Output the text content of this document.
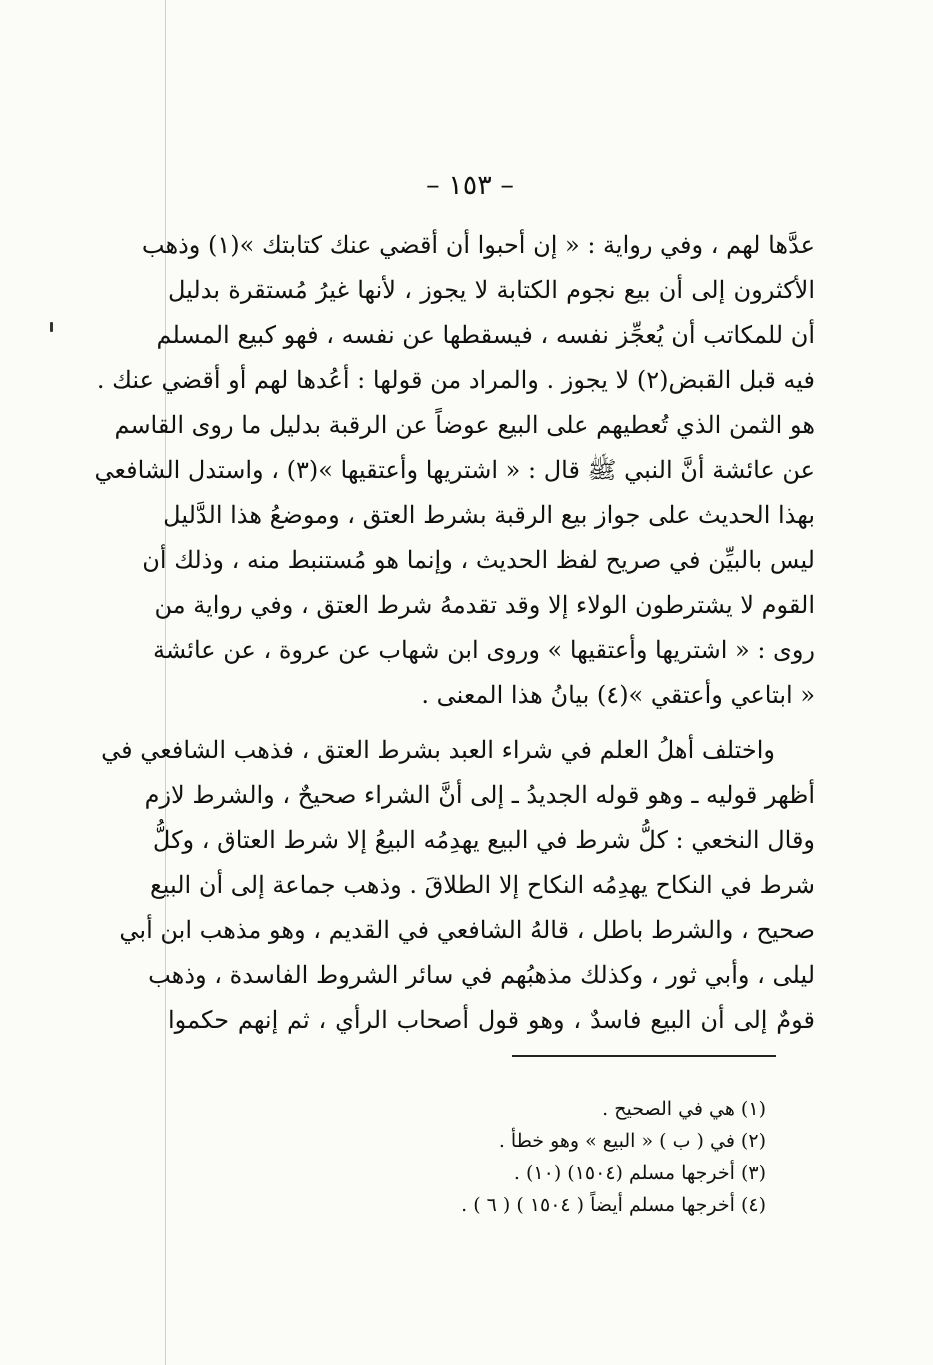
– ١٥٣ –
عدَّها لهم ، وفي رواية : « إن أحبوا أن أقضي عنك كتابتك »(١) وذهب
الأكثرون إلى أن بيع نجوم الكتابة لا يجوز ، لأنها غيرُ مُستقرة بدليل
أن للمكاتب أن يُعجِّز نفسه ، فيسقطها عن نفسه ، فهو كبيع المسلم
فيه قبل القبض(٢) لا يجوز . والمراد من قولها : أعُدها لهم أو أقضي عنك .
هو الثمن الذي تُعطيهم على البيع عوضاً عن الرقبة بدليل ما روى القاسم
عن عائشة أنَّ النبي ﷺ قال : « اشتريها وأعتقيها »(٣) ، واستدل الشافعي
بهذا الحديث على جواز بيع الرقبة بشرط العتق ، وموضعُ هذا الدَّليل
ليس بالبيِّن في صريح لفظ الحديث ، وإنما هو مُستنبط منه ، وذلك أن
القوم لا يشترطون الولاء إلا وقد تقدمهُ شرط العتق ، وفي رواية من
روى : « اشتريها وأعتقيها » وروى ابن شهاب عن عروة ، عن عائشة
« ابتاعي وأعتقي »(٤) بيانُ هذا المعنى .
واختلف أهلُ العلم في شراء العبد بشرط العتق ، فذهب الشافعي في
أظهر قوليه ـ وهو قوله الجديدُ ـ إلى أنَّ الشراء صحيحٌ ، والشرط لازم
وقال النخعي : كلُّ شرط في البيع يهدِمُه البيعُ إلا شرط العتاق ، وكلُّ
شرط في النكاح يهدِمُه النكاح إلا الطلاقَ . وذهب جماعة إلى أن البيع
صحيح ، والشرط باطل ، قالهُ الشافعي في القديم ، وهو مذهب ابن أبي
ليلى ، وأبي ثور ، وكذلك مذهبُهم في سائر الشروط الفاسدة ، وذهب
قومٌ إلى أن البيع فاسدٌ ، وهو قول أصحاب الرأي ، ثم إنهم حكموا
(١) هي في الصحيح .
(٢) في ( ب ) « البيع » وهو خطأ .
(٣) أخرجها مسلم (١٥٠٤) (١٠) .
(٤) أخرجها مسلم أيضاً ( ١٥٠٤ ) ( ٦ ) .
